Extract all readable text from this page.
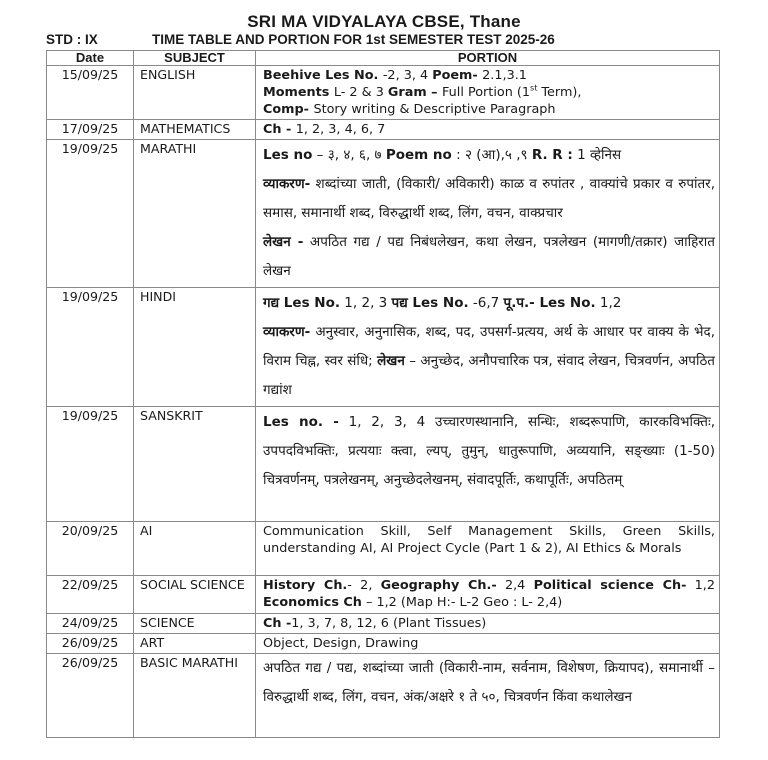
SRI MA VIDYALAYA CBSE, Thane
STD : IX	TIME TABLE AND PORTION FOR 1st SEMESTER TEST 2025-26
Date	SUBJECT	PORTION
15/09/25	ENGLISH	Beehive Les No. -2, 3, 4 Poem- 2.1,3.1
Moments L- 2 & 3 Gram – Full Portion (1st Term),
Comp- Story writing & Descriptive Paragraph
17/09/25	MATHEMATICS	Ch - 1, 2, 3, 4, 6, 7
19/09/25	MARATHI	Les no – ३, ४, ६, ७ Poem no : २ (आ),५ ,९ R. R : 1 व्हेनिस
व्याकरण- शब्दांच्या जाती, (विकारी/ अविकारी) काळ व रुपांतर , वाक्यांचे प्रकार व रुपांतर, समास, समानार्थी शब्द, विरुद्धार्थी शब्द, लिंग, वचन, वाक्प्रचार
लेखन - अपठित गद्य / पद्य निबंधलेखन, कथा लेखन, पत्रलेखन (मागणी/तक्रार) जाहिरात लेखन
19/09/25	HINDI	गद्य Les No. 1, 2, 3 पद्य Les No. -6,7 पू.प.- Les No. 1,2
व्याकरण- अनुस्वार, अनुनासिक, शब्द, पद, उपसर्ग-प्रत्यय, अर्थ के आधार पर वाक्य के भेद, विराम चिह्न, स्वर संधि; लेखन – अनुच्छेद, अनौपचारिक पत्र, संवाद लेखन, चित्रवर्णन, अपठित गद्यांश
19/09/25	SANSKRIT	Les no. - 1, 2, 3, 4 उच्चारणस्थानानि, सन्धिः, शब्दरूपाणि, कारकविभक्तिः, उपपदविभक्तिः, प्रत्ययाः क्त्वा, ल्यप्, तुमुन्, धातुरूपाणि, अव्ययानि, सङ्ख्याः (1-50) चित्रवर्णनम्, पत्रलेखनम्, अनुच्छेदलेखनम्, संवादपूर्तिः, कथापूर्तिः, अपठितम्
20/09/25	AI	Communication Skill, Self Management Skills, Green Skills, understanding AI, AI Project Cycle (Part 1 & 2), AI Ethics & Morals
22/09/25	SOCIAL SCIENCE	History Ch.- 2, Geography Ch.- 2,4 Political science Ch- 1,2 Economics Ch – 1,2 (Map H:- L-2 Geo : L- 2,4)
24/09/25	SCIENCE	Ch -1, 3, 7, 8, 12, 6 (Plant Tissues)
26/09/25	ART	Object, Design, Drawing
26/09/25	BASIC MARATHI	अपठित गद्य / पद्य, शब्दांच्या जाती (विकारी-नाम, सर्वनाम, विशेषण, क्रियापद), समानार्थी – विरुद्धार्थी शब्द, लिंग, वचन, अंक/अक्षरे १ ते ५०, चित्रवर्णन किंवा कथालेखन
